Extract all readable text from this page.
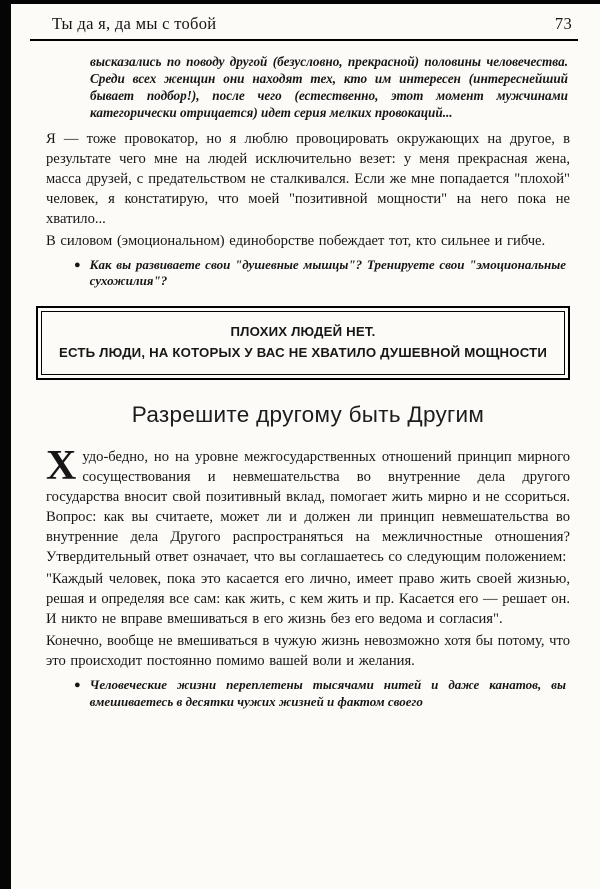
Ты да я, да мы с тобой	73

высказались по поводу другой (безусловно, прекрасной) половины человечества. Среди всех женщин они находят тех, кто им интересен (интереснейший бывает подбор!), после чего (естественно, этот момент мужчинами категорически отрицается) идет серия мелких провокаций...

Я — тоже провокатор, но я люблю провоцировать окружающих на другое, в результате чего мне на людей исключительно везет: у меня прекрасная жена, масса друзей, с предательством не сталкивался. Если же мне попадается "плохой" человек, я констатирую, что моей "позитивной мощности" на него пока не хватило...

В силовом (эмоциональном) единоборстве побеждает тот, кто сильнее и гибче.

● Как вы развиваете свои "душевные мышцы"? Тренируете свои "эмоциональные сухожилия"?
ПЛОХИХ ЛЮДЕЙ НЕТ.
ЕСТЬ ЛЮДИ, НА КОТОРЫХ У ВАС НЕ ХВАТИЛО ДУШЕВНОЙ МОЩНОСТИ
Разрешите другому быть Другим

Худо-бедно, но на уровне межгосударственных отношений принцип мирного сосуществования и невмешательства во внутренние дела другого государства вносит свой позитивный вклад, помогает жить мирно и не ссориться. Вопрос: как вы считаете, может ли и должен ли принцип невмешательства во внутренние дела Другого распространяться на межличностные отношения? Утвердительный ответ означает, что вы соглашаетесь со следующим положением:

"Каждый человек, пока это касается его лично, имеет право жить своей жизнью, решая и определяя все сам: как жить, с кем жить и пр. Касается его — решает он. И никто не вправе вмешиваться в его жизнь без его ведома и согласия".

Конечно, вообще не вмешиваться в чужую жизнь невозможно хотя бы потому, что это происходит постоянно помимо вашей воли и желания.

● Человеческие жизни переплетены тысячами нитей и даже канатов, вы вмешиваетесь в десятки чужих жизней и фактом своего
